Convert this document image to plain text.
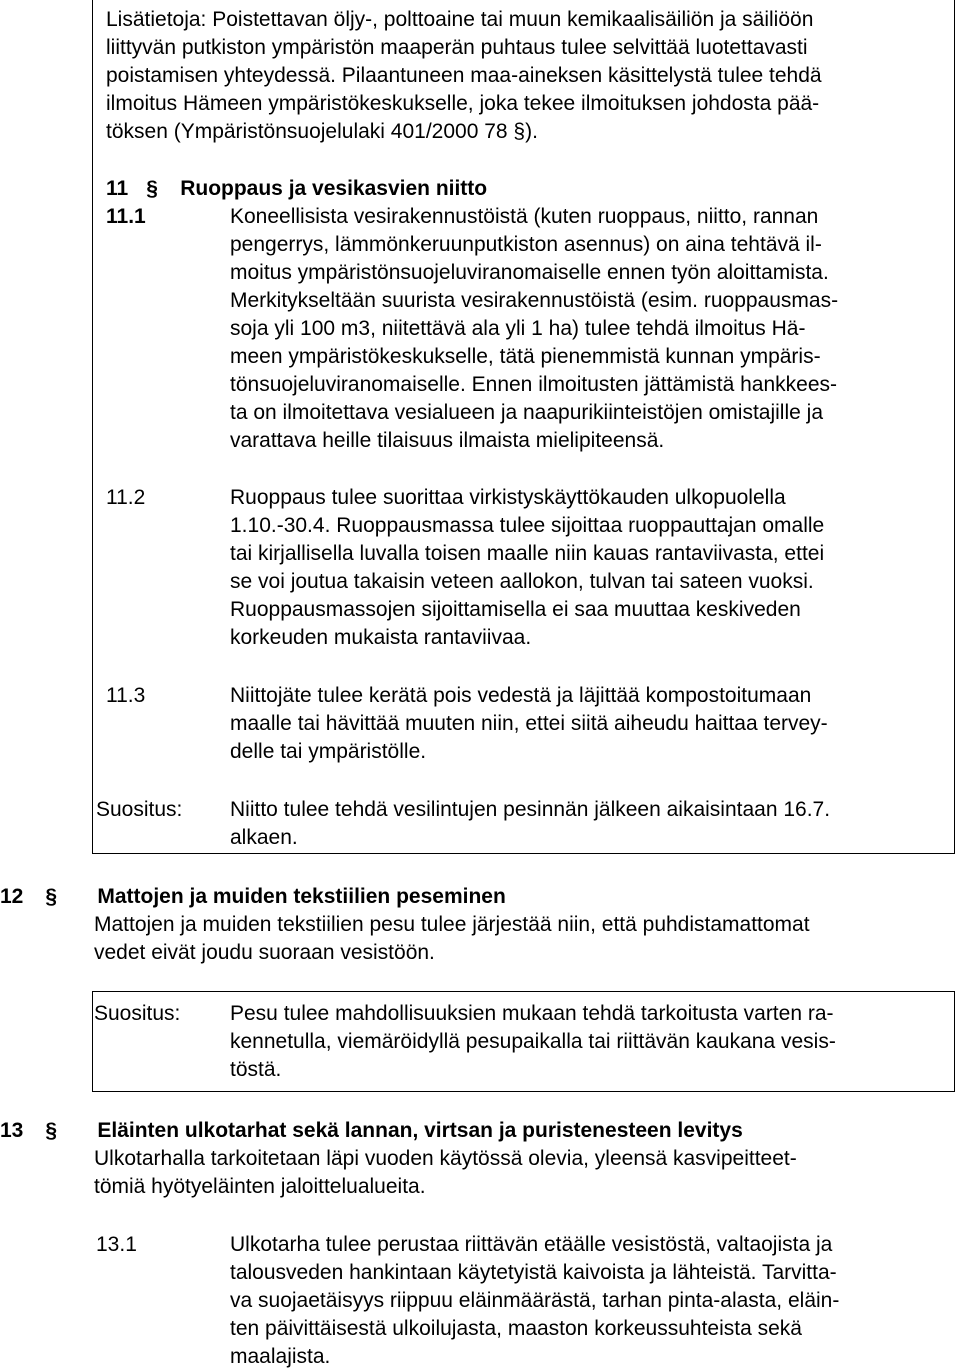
Lisätietoja: Poistettavan öljy-, polttoaine tai muun kemikaalisäiliön ja säiliöön
liittyvän putkiston ympäristön maaperän puhtaus tulee selvittää luotettavasti
poistamisen yhteydessä. Pilaantuneen maa-aineksen käsittelystä tulee tehdä
ilmoitus Hämeen ympäristökeskukselle, joka tekee ilmoituksen johdosta pää-
töksen (Ympäristönsuojelulaki 401/2000 78 §).
11 § Ruoppaus ja vesikasvien niitto
11.1	Koneellisista vesirakennustöistä (kuten ruoppaus, niitto, rannan
pengerrys, lämmönkeruunputkiston asennus) on aina tehtävä il-
moitus ympäristönsuojeluviranomaiselle ennen työn aloittamista.
Merkitykseltään suurista vesirakennustöistä (esim. ruoppausmas-
soja yli 100 m3, niitettävä ala yli 1 ha) tulee tehdä ilmoitus Hä-
meen ympäristökeskukselle, tätä pienemmistä kunnan ympäris-
tönsuojeluviranomaiselle. Ennen ilmoitusten jättämistä hankkees-
ta on ilmoitettava vesialueen ja naapurikiinteistöjen omistajille ja
varattava heille tilaisuus ilmaista mielipiteensä.
11.2	Ruoppaus tulee suorittaa virkistyskäyttökauden ulkopuolella
1.10.-30.4. Ruoppausmassa tulee sijoittaa ruoppauttajan omalle
tai kirjallisella luvalla toisen maalle niin kauas rantaviivasta, ettei
se voi joutua takaisin veteen aallokon, tulvan tai sateen vuoksi.
Ruoppausmassojen sijoittamisella ei saa muuttaa keskiveden
korkeuden mukaista rantaviivaa.
11.3	Niittojäte tulee kerätä pois vedestä ja läjittää kompostoitumaan
maalle tai hävittää muuten niin, ettei siitä aiheudu haittaa tervey-
delle tai ympäristölle.
Suositus: Niitto tulee tehdä vesilintujen pesinnän jälkeen aikaisintaan 16.7.
alkaen.
12 § Mattojen ja muiden tekstiilien peseminen
Mattojen ja muiden tekstiilien pesu tulee järjestää niin, että puhdistamattomat
vedet eivät joudu suoraan vesistöön.
Suositus: Pesu tulee mahdollisuuksien mukaan tehdä tarkoitusta varten ra-
kennetulla, viemäröidyllä pesupaikalla tai riittävän kaukana vesis-
töstä.
13 § Eläinten ulkotarhat sekä lannan, virtsan ja puristenesteen levitys
Ulkotarhalla tarkoitetaan läpi vuoden käytössä olevia, yleensä kasvipeitteet-
tömiä hyötyeläinten jaloittelualueita.
13.1	Ulkotarha tulee perustaa riittävän etäälle vesistöstä, valtaojista ja
talousveden hankintaan käytetyistä kaivoista ja lähteistä. Tarvitta-
va suojaetäisyys riippuu eläinmäärästä, tarhan pinta-alasta, eläin-
ten päivittäisestä ulkoilujasta, maaston korkeussuhteista sekä
maalajista.
